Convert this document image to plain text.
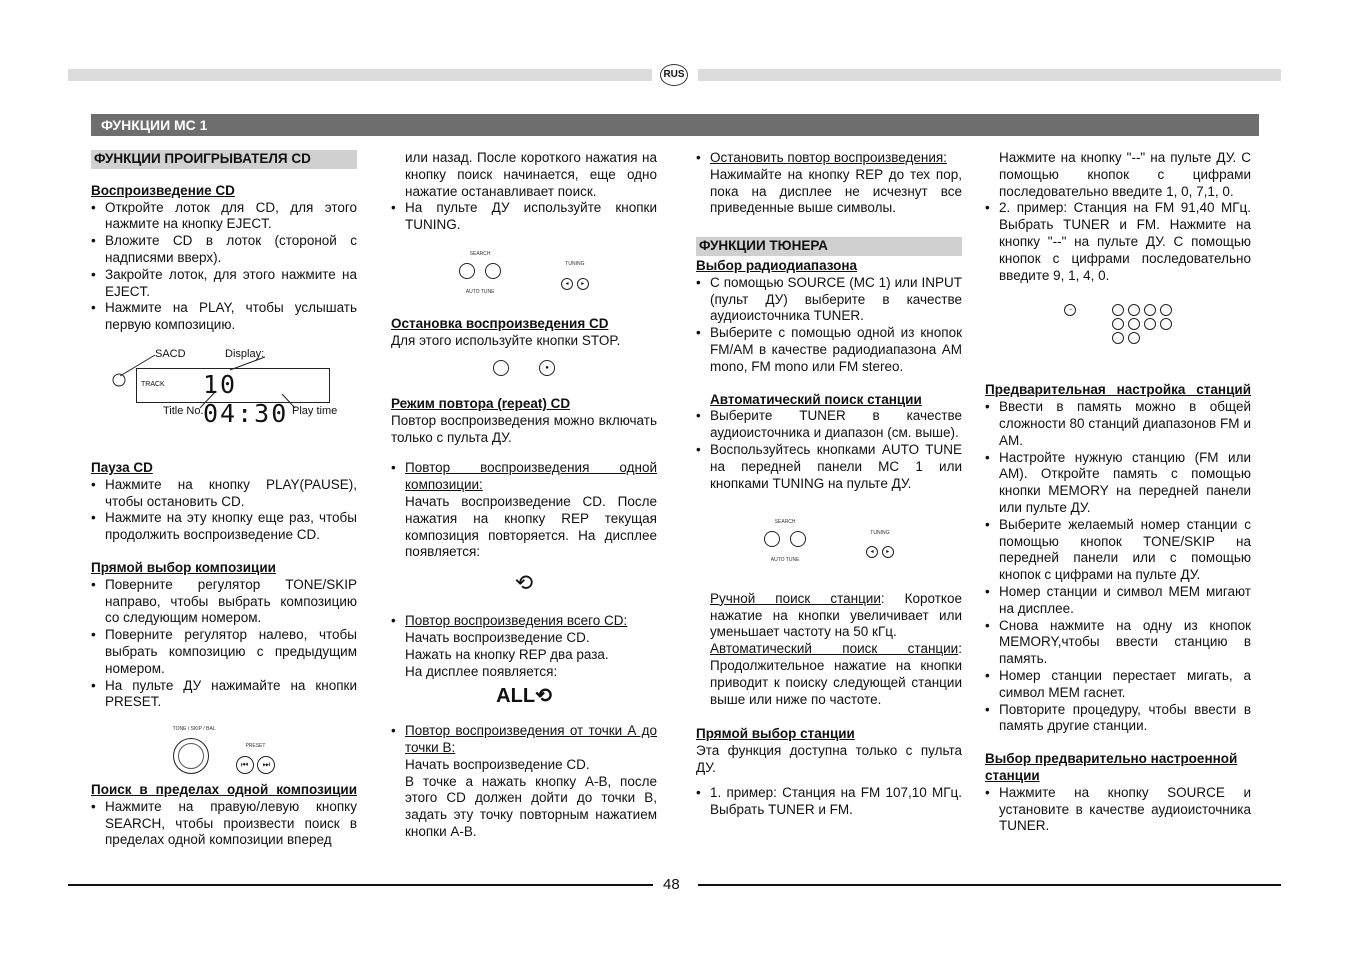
RUS
ФУНКЦИИ МС 1
ФУНКЦИИ ПРОИГРЫВАТЕЛЯ CD
Воспроизведение CD
• Откройте лоток для CD, для этого нажмите на кнопку EJECT.
• Вложите CD в лоток (стороной с надписями вверх).
• Закройте лоток, для этого нажмите на EJECT.
• Нажмите на PLAY, чтобы услышать первую композицию.
Пауза CD
• Нажмите на кнопку PLAY(PAUSE), чтобы остановить CD.
• Нажмите на эту кнопку еще раз, чтобы продолжить воспроизведение CD.
Прямой выбор композиции
• Поверните регулятор TONE/SKIP направо, чтобы выбрать композицию со следующим номером.
• Поверните регулятор налево, чтобы выбрать композицию с предыдущим номером.
• На пульте ДУ нажимайте на кнопки PRESET.
TONE / SKIP / BAL
PRESET
⏮ ⏭
Поиск в пределах одной композиции
• Нажмите на правую/левую кнопку SEARCH, чтобы произвести поиск в пределах одной композиции вперед
SACD	Display:
TRACK 10 04:30
Title No.	Play time
или назад. После короткого нажатия на кнопку поиск начинается, еще одно нажатие останавливает поиск.
• На пульте ДУ используйте кнопки TUNING.
SEARCH

AUTO TUNE
TUNING
◂ ▸
Остановка воспроизведения CD
Для этого используйте кнопки STOP.
●
Режим повтора (repeat) CD
Повтор воспроизведения можно включать только с пульта ДУ.
• Повтор воспроизведения одной композиции:
Начать воспроизведение CD. После нажатия на кнопку REP текущая композиция повторяется. На дисплее появляется:
⟲
• Повтор воспроизведения всего CD:
Начать воспроизведение CD.
Нажать на кнопку REP два раза.
На дисплее появляется:
ALL⟲
• Повтор воспроизведения от точки А до точки В:
Начать воспроизведение CD.
В точке а нажать кнопку А-В, после этого CD должен дойти до точки В, задать эту точку повторным нажатием кнопки А-В.
• Остановить повтор воспроизведения:
Нажимайте на кнопку REP до тех пор, пока на дисплее не исчезнут все приведенные выше символы.
ФУНКЦИИ ТЮНЕРА
Выбор радиодиапазона
• С помощью SOURCE (МС 1) или INPUT (пульт ДУ) выберите в качестве аудиоисточника TUNER.
• Выберите с помощью одной из кнопок FM/AM в качестве радиодиапазона AM mono, FM mono или FM stereo.
Автоматический поиск станции
• Выберите TUNER в качестве аудиоисточника и диапазон (см. выше).
• Воспользуйтесь кнопками AUTO TUNE на передней панели МС 1 или кнопками TUNING на пульте ДУ.
SEARCH

AUTO TUNE
TUNING
◂ ▸
Ручной поиск станции: Короткое нажатие на кнопки увеличивает или уменьшает частоту на 50 кГц.
Автоматический поиск станции: Продолжительное нажатие на кнопки приводит к поиску следующей станции выше или ниже по частоте.
Прямой выбор станции
Эта функция доступна только с пульта ДУ.
• 1. пример: Станция на FM 107,10 МГц. Выбрать TUNER и FM.
Нажмите на кнопку "--" на пульте ДУ. С помощью кнопок с цифрами последовательно введите 1, 0, 7,1, 0.
• 2. пример: Станция на FM 91,40 МГц. Выбрать TUNER и FM. Нажмите на кнопку "--" на пульте ДУ. С помощью кнопок с цифрами последовательно введите 9, 1, 4, 0.
−

Предварительная настройка станций
• Ввести в память можно в общей сложности 80 станций диапазонов FM и AM.
• Настройте нужную станцию (FM или AM). Откройте память с помощью кнопки MEMORY на передней панели или пульте ДУ.
• Выберите желаемый номер станции с помощью кнопок TONE/SKIP на передней панели или с помощью кнопок с цифрами на пульте ДУ.
• Номер станции и символ MEM мигают на дисплее.
• Снова нажмите на одну из кнопок MEMORY,чтобы ввести станцию в память.
• Номер станции перестает мигать, а символ MEM гаснет.
• Повторите процедуру, чтобы ввести в память другие станции.
Выбор предварительно настроенной станции
• Нажмите на кнопку SOURCE и установите в качестве аудиоисточника TUNER.
48
